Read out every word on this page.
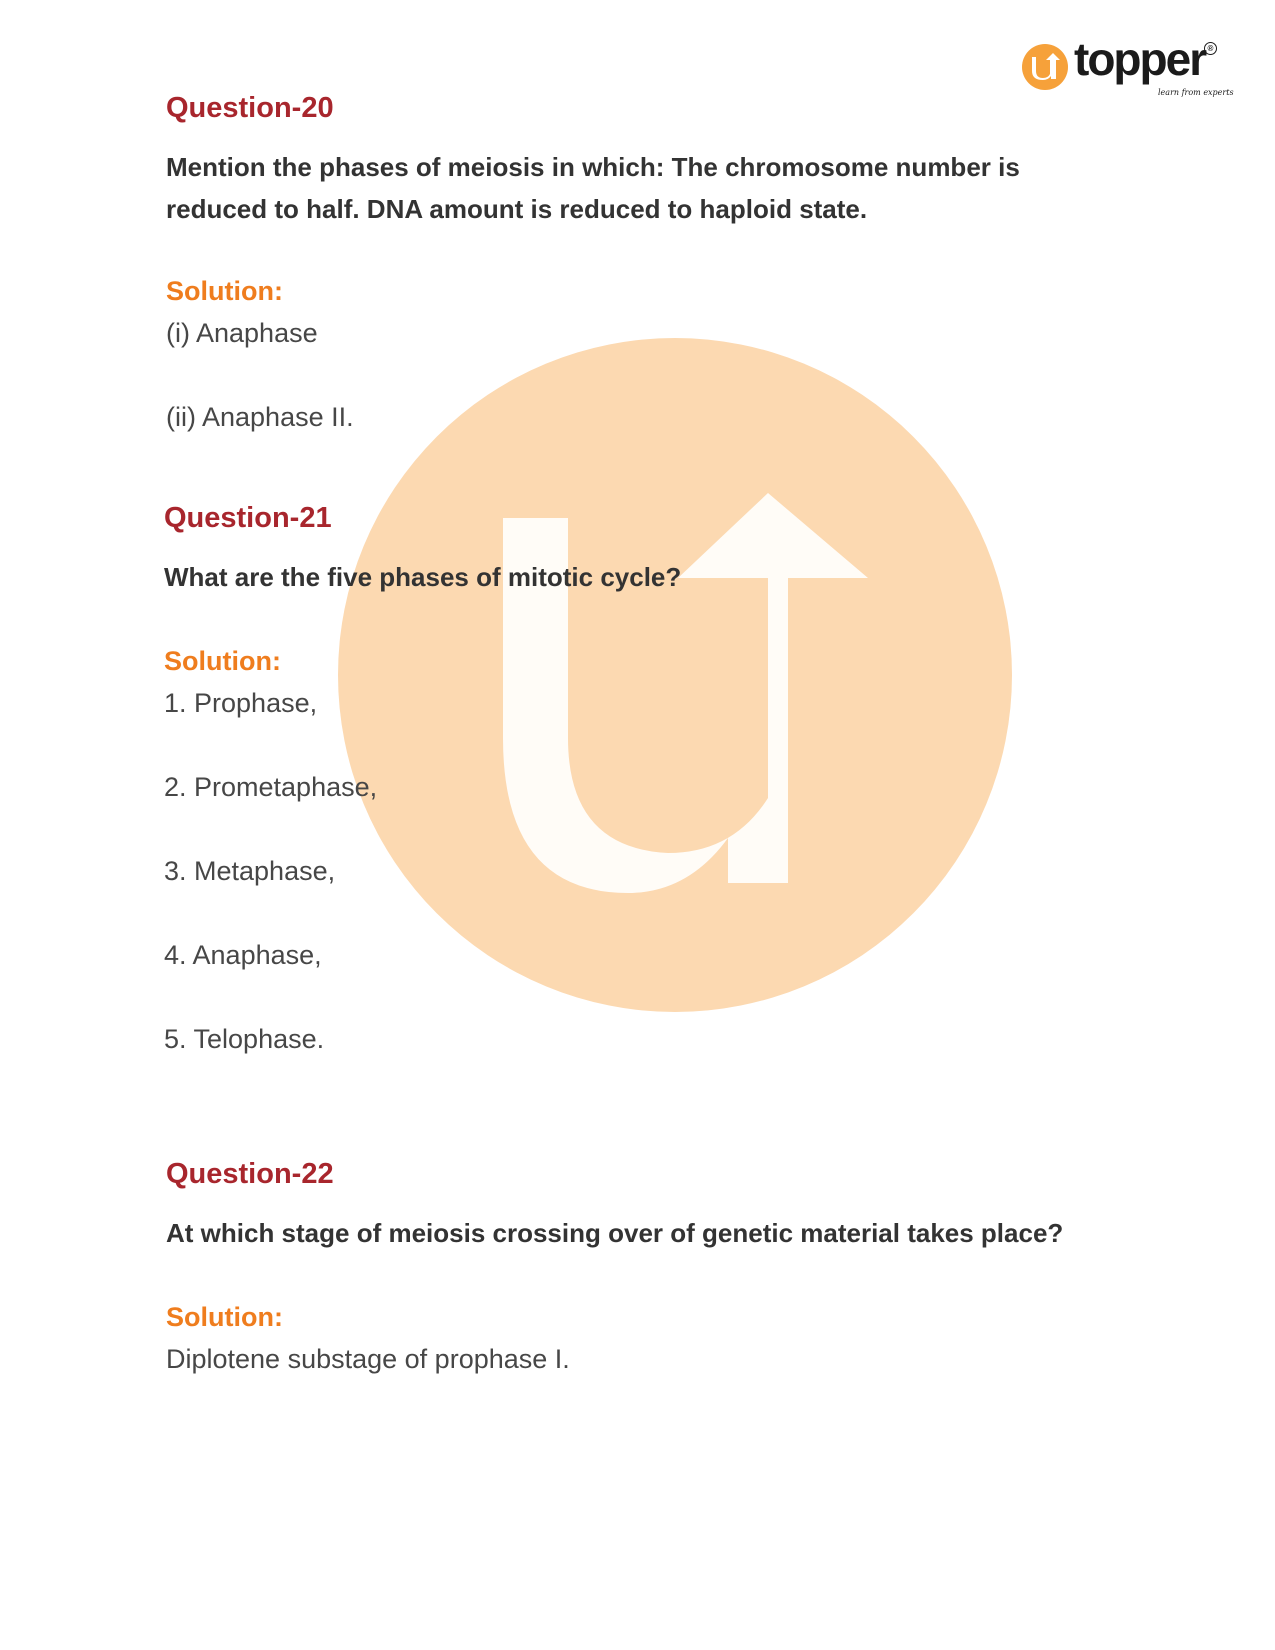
topper ®
learn from experts
Question-20
Mention the phases of meiosis in which: The chromosome number is
reduced to half. DNA amount is reduced to haploid state.
Solution:
(i) Anaphase
(ii) Anaphase II.
Question-21
What are the five phases of mitotic cycle?
Solution:
1. Prophase,
2. Prometaphase,
3. Metaphase,
4. Anaphase,
5. Telophase.
Question-22
At which stage of meiosis crossing over of genetic material takes place?
Solution:
Diplotene substage of prophase I.
